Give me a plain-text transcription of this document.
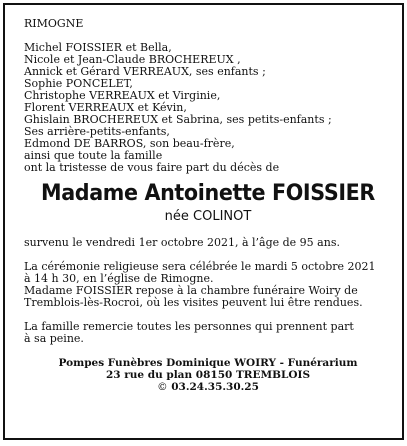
RIMOGNE
Michel FOISSIER et Bella,
Nicole et Jean-Claude BROCHEREUX ,
Annick et Gérard VERREAUX, ses enfants ;
Sophie PONCELET,
Christophe VERREAUX et Virginie,
Florent VERREAUX et Kévin,
Ghislain BROCHEREUX et Sabrina, ses petits-enfants ;
Ses arrière-petits-enfants,
Edmond DE BARROS, son beau-frère,
ainsi que toute la famille
ont la tristesse de vous faire part du décès de
Madame Antoinette FOISSIER
née COLINOT
survenu le vendredi 1er octobre 2021, à l’âge de 95 ans.
La cérémonie religieuse sera célébrée le mardi 5 octobre 2021
à 14 h 30, en l’église de Rimogne.
Madame FOISSIER repose à la chambre funéraire Woiry de
Tremblois-lès-Rocroi, où les visites peuvent lui être rendues.
La famille remercie toutes les personnes qui prennent part
à sa peine.
Pompes Funèbres Dominique WOIRY - Funérarium
23 rue du plan 08150 TREMBLOIS
© 03.24.35.30.25
